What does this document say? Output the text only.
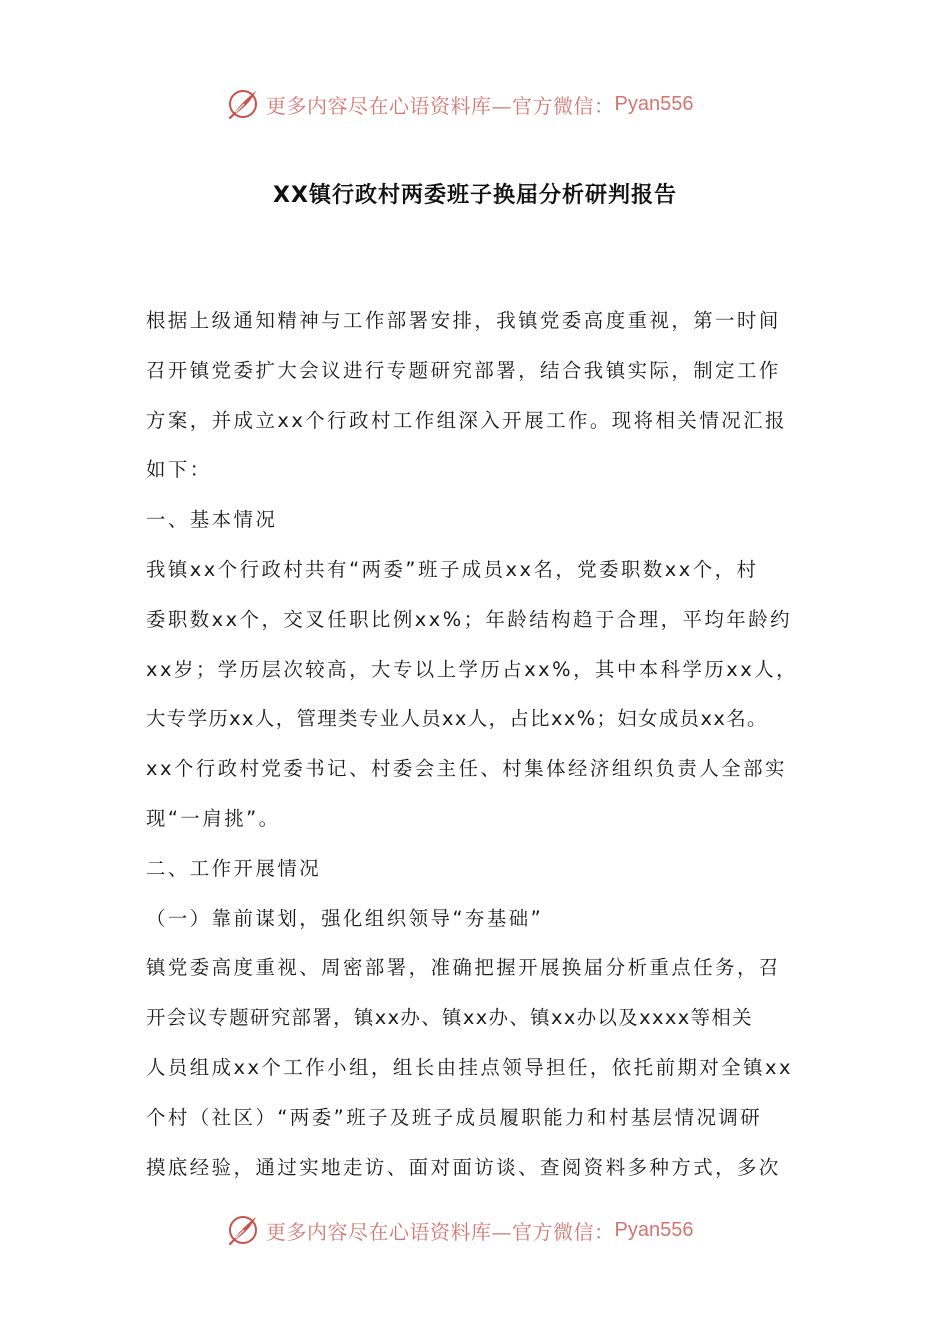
更多内容尽在心语资料库—官方微信： Pyan556
XX镇行政村两委班子换届分析研判报告
根据上级通知精神与工作部署安排，我镇党委高度重视，第一时间
召开镇党委扩大会议进行专题研究部署，结合我镇实际，制定工作
方案，并成立xx个行政村工作组深入开展工作。现将相关情况汇报
如下：
一、基本情况
我镇xx个行政村共有“两委”班子成员xx名，党委职数xx个，村
委职数xx个，交叉任职比例xx%；年龄结构趋于合理，平均年龄约
xx岁；学历层次较高，大专以上学历占xx%，其中本科学历xx人，
大专学历xx人，管理类专业人员xx人，占比xx%；妇女成员xx名。
xx个行政村党委书记、村委会主任、村集体经济组织负责人全部实
现“一肩挑”。
二、工作开展情况
（一）靠前谋划，强化组织领导“夯基础”
镇党委高度重视、周密部署，准确把握开展换届分析重点任务，召
开会议专题研究部署，镇xx办、镇xx办、镇xx办以及xxxx等相关
人员组成xx个工作小组，组长由挂点领导担任，依托前期对全镇xx
个村（社区）“两委”班子及班子成员履职能力和村基层情况调研
摸底经验，通过实地走访、面对面访谈、查阅资料多种方式，多次
更多内容尽在心语资料库—官方微信： Pyan556
